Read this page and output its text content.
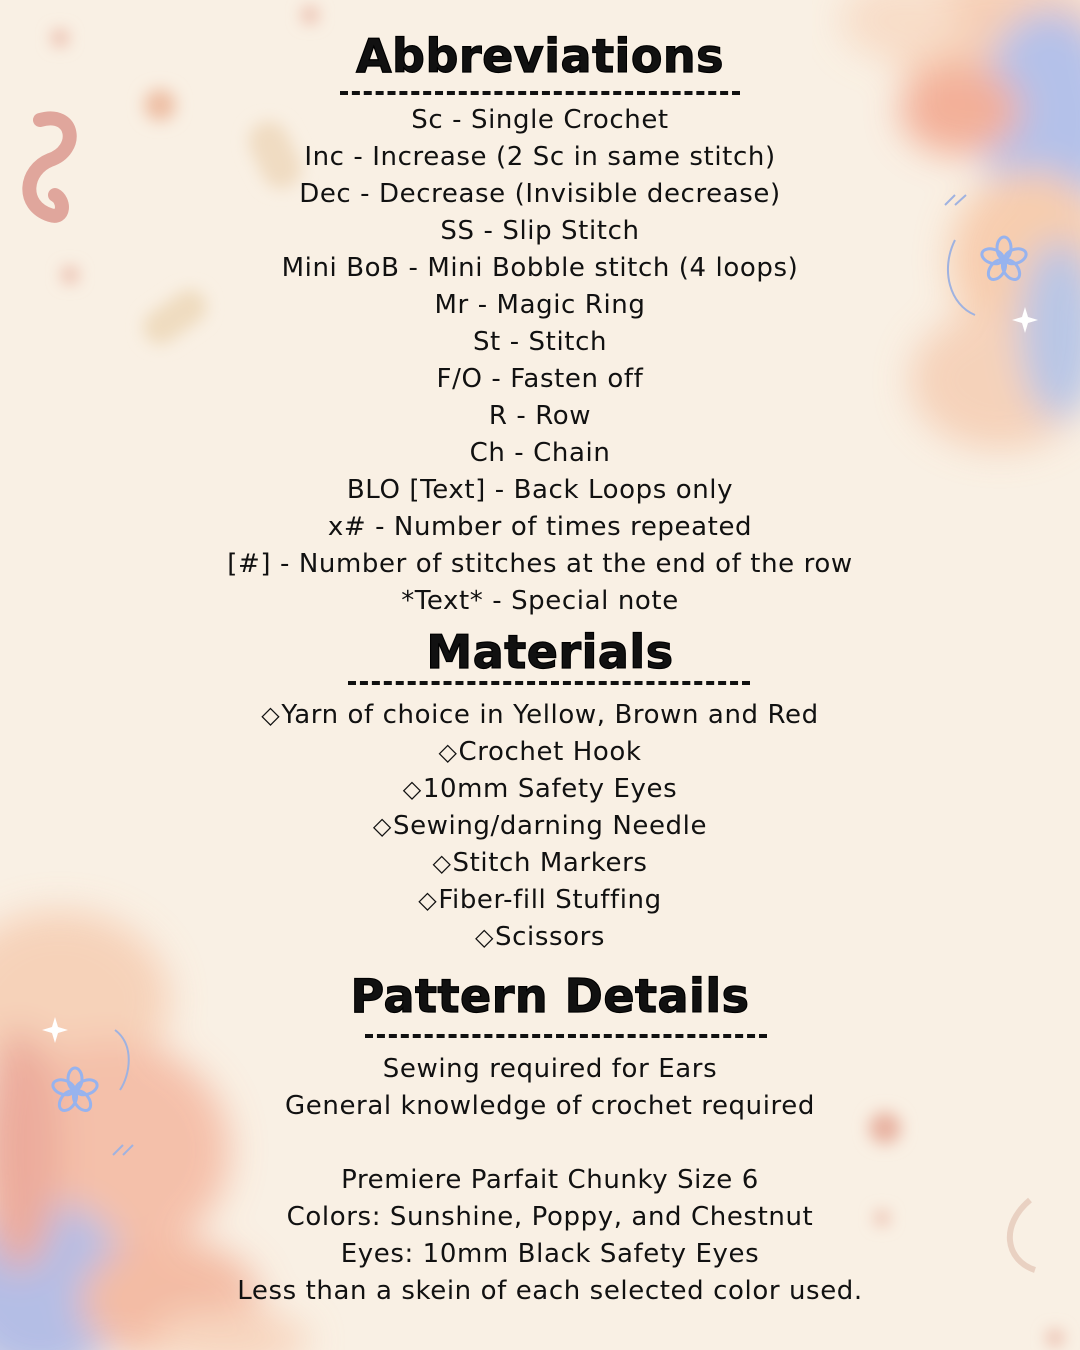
Abbreviations
Sc - Single Crochet
Inc - Increase (2 Sc in same stitch)
Dec - Decrease (Invisible decrease)
SS - Slip Stitch
Mini BoB - Mini Bobble stitch (4 loops)
Mr - Magic Ring
St - Stitch
F/O - Fasten off
R - Row
Ch - Chain
BLO [Text] - Back Loops only
x# - Number of times repeated
[#] - Number of stitches at the end of the row
*Text* - Special note
Materials
◇Yarn of choice in Yellow, Brown and Red
◇Crochet Hook
◇10mm Safety Eyes
◇Sewing/darning Needle
◇Stitch Markers
◇Fiber-fill Stuffing
◇Scissors
Pattern Details
Sewing required for Ears
General knowledge of crochet required
Premiere Parfait Chunky Size 6
Colors: Sunshine, Poppy, and Chestnut
Eyes: 10mm Black Safety Eyes
Less than a skein of each selected color used.
